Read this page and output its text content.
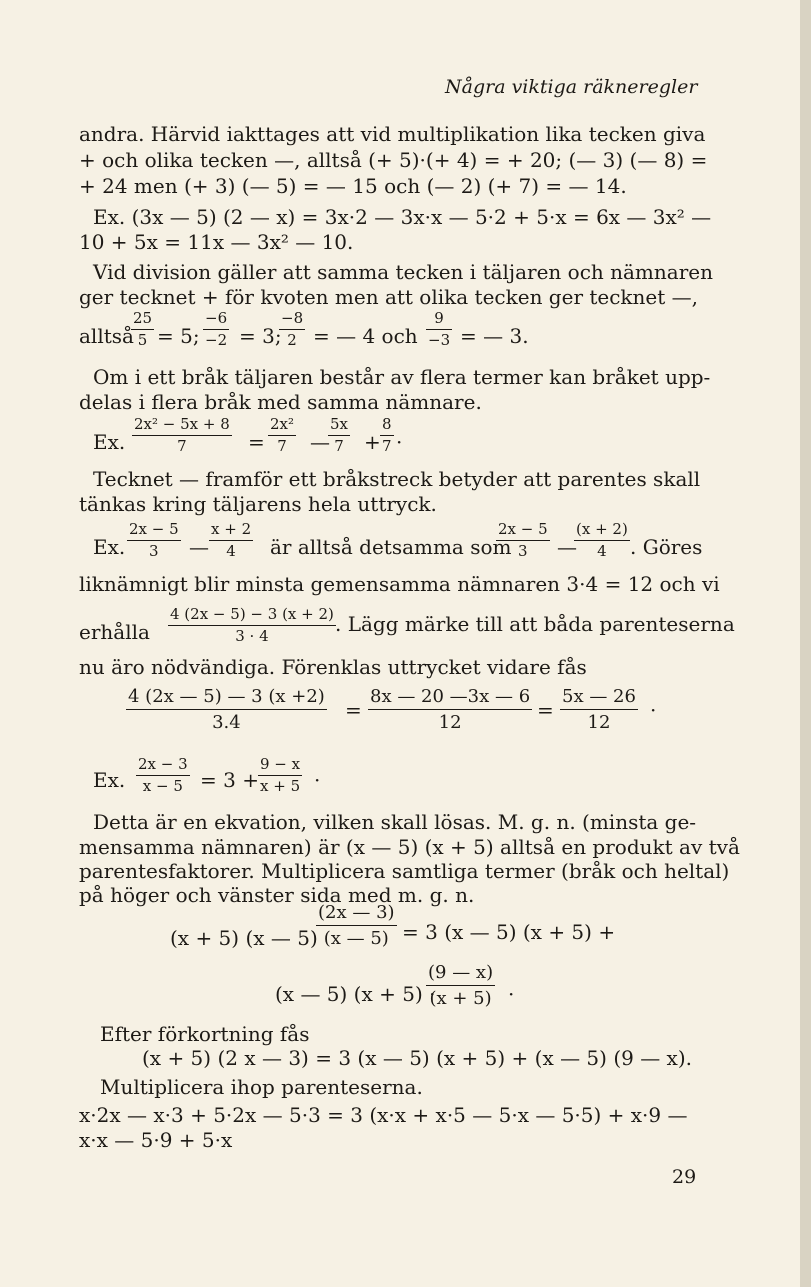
Några viktiga räkneregler
andra. Härvid iakttages att vid multiplikation lika tecken giva
+ och olika tecken —, alltså (+ 5)·(+ 4) = + 20; (— 3) (— 8) =
+ 24 men (+ 3) (— 5) = — 15 och (— 2) (+ 7) = — 14.
Ex. (3x — 5) (2 — x) = 3x·2 — 3x·x — 5·2 + 5·x = 6x — 3x² —
10 + 5x = 11x — 3x² — 10.
Vid division gäller att samma tecken i täljaren och nämnaren
ger tecknet + för kvoten men att olika tecken ger tecknet —,
alltså
25
5 = 5;
−6
−2 = 3;
−8
2 = — 4 och
9
−3 = — 3.
Om i ett bråk täljaren består av flera termer kan bråket upp-
delas i flera bråk med samma nämnare.
Ex.
2x² − 5x + 8
7	=
2x²
7 —
5x
7 +
8
7 ·
Tecknet — framför ett bråkstreck betyder att parentes skall
tänkas kring täljarens hela uttryck.
Ex.
2x − 5
3 —
x + 2
4 är alltså detsamma som
2x − 5
3 —
(x + 2)
4 . Göres
liknämnigt blir minsta gemensamma nämnaren 3·4 = 12 och vi
erhålla
4 (2x − 5) − 3 (x + 2)
3 · 4	. Lägg märke till att båda parenteserna
nu äro nödvändiga. Förenklas uttrycket vidare fås
4 (2x — 5) — 3 (x +2)
3.4
=
8x — 20 —3x — 6
12
=
5x — 26
12
·
Ex.
2x − 3
x − 5 = 3 +
9 − x
x + 5 ·
Detta är en ekvation, vilken skall lösas. M. g. n. (minsta ge-
mensamma nämnaren) är (x — 5) (x + 5) alltså en produkt av två
parentesfaktorer. Multiplicera samtliga termer (bråk och heltal)
på höger och vänster sida med m. g. n.
(x + 5) (x — 5)
(2x — 3)
(x — 5) = 3 (x — 5) (x + 5) +
(x — 5) (x + 5) ·
(9 — x)
(x + 5) ·
Efter förkortning fås
(x + 5) (2 x — 3) = 3 (x — 5) (x + 5) + (x — 5) (9 — x).
Multiplicera ihop parenteserna.
x·2x — x·3 + 5·2x — 5·3 = 3 (x·x + x·5 — 5·x — 5·5) + x·9 —
x·x — 5·9 + 5·x
29
